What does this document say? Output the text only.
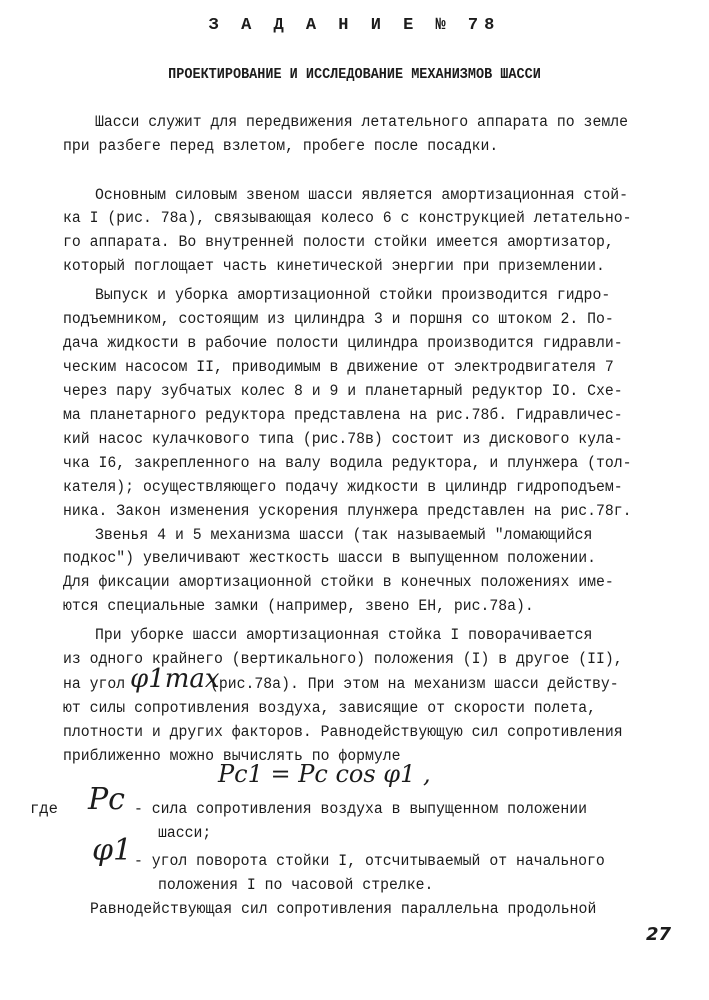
З А Д А Н И Е № 78
ПРОЕКТИРОВАНИЕ И ИССЛЕДОВАНИЕ МЕХАНИЗМОВ ШАССИ
Шасси служит для передвижения летательного аппарата по земле
при разбеге перед взлетом, пробеге после посадки.
Основным силовым звеном шасси является амортизационная стой-
ка I (рис. 78а), связывающая колесо 6 с конструкцией летательно-
го аппарата. Во внутренней полости стойки имеется амортизатор,
который поглощает часть кинетической энергии при приземлении.
Выпуск и уборка амортизационной стойки производится гидро-
подъемником, состоящим из цилиндра 3 и поршня со штоком 2. По-
дача жидкости в рабочие полости цилиндра производится гидравли-
ческим насосом II, приводимым в движение от электродвигателя 7
через пару зубчатых колес 8 и 9 и планетарный редуктор IO. Схе-
ма планетарного редуктора представлена на рис.78б. Гидравличес-
кий насос кулачкового типа (рис.78в) состоит из дискового кула-
чка I6, закрепленного на валу водила редуктора, и плунжера (тол-
кателя); осуществляющего подачу жидкости в цилиндр гидроподъем-
ника. Закон изменения ускорения плунжера представлен на рис.78г.
Звенья 4 и 5 механизма шасси (так называемый "ломающийся
подкос") увеличивают жесткость шасси в выпущенном положении.
Для фиксации амортизационной стойки в конечных положениях име-
ются специальные замки (например, звено ЕН, рис.78а).
При уборке шасси амортизационная стойка I поворачивается
из одного крайнего (вертикального) положения (I) в другое (II),
на угол φ1max
(рис.78а). При этом на механизм шасси действу-
ют силы сопротивления воздуха, зависящие от скорости полета,
плотности и других факторов. Равнодействующую сил сопротивления
приближенно можно вычислять по формуле
Pc1 = Pc cos φ1 ,
где Pc - сила сопротивления воздуха в выпущенном положении
шасси;
φ1 - угол поворота стойки I, отсчитываемый от начального
положения I по часовой стрелке.
Равнодействующая сил сопротивления параллельна продольной
27
